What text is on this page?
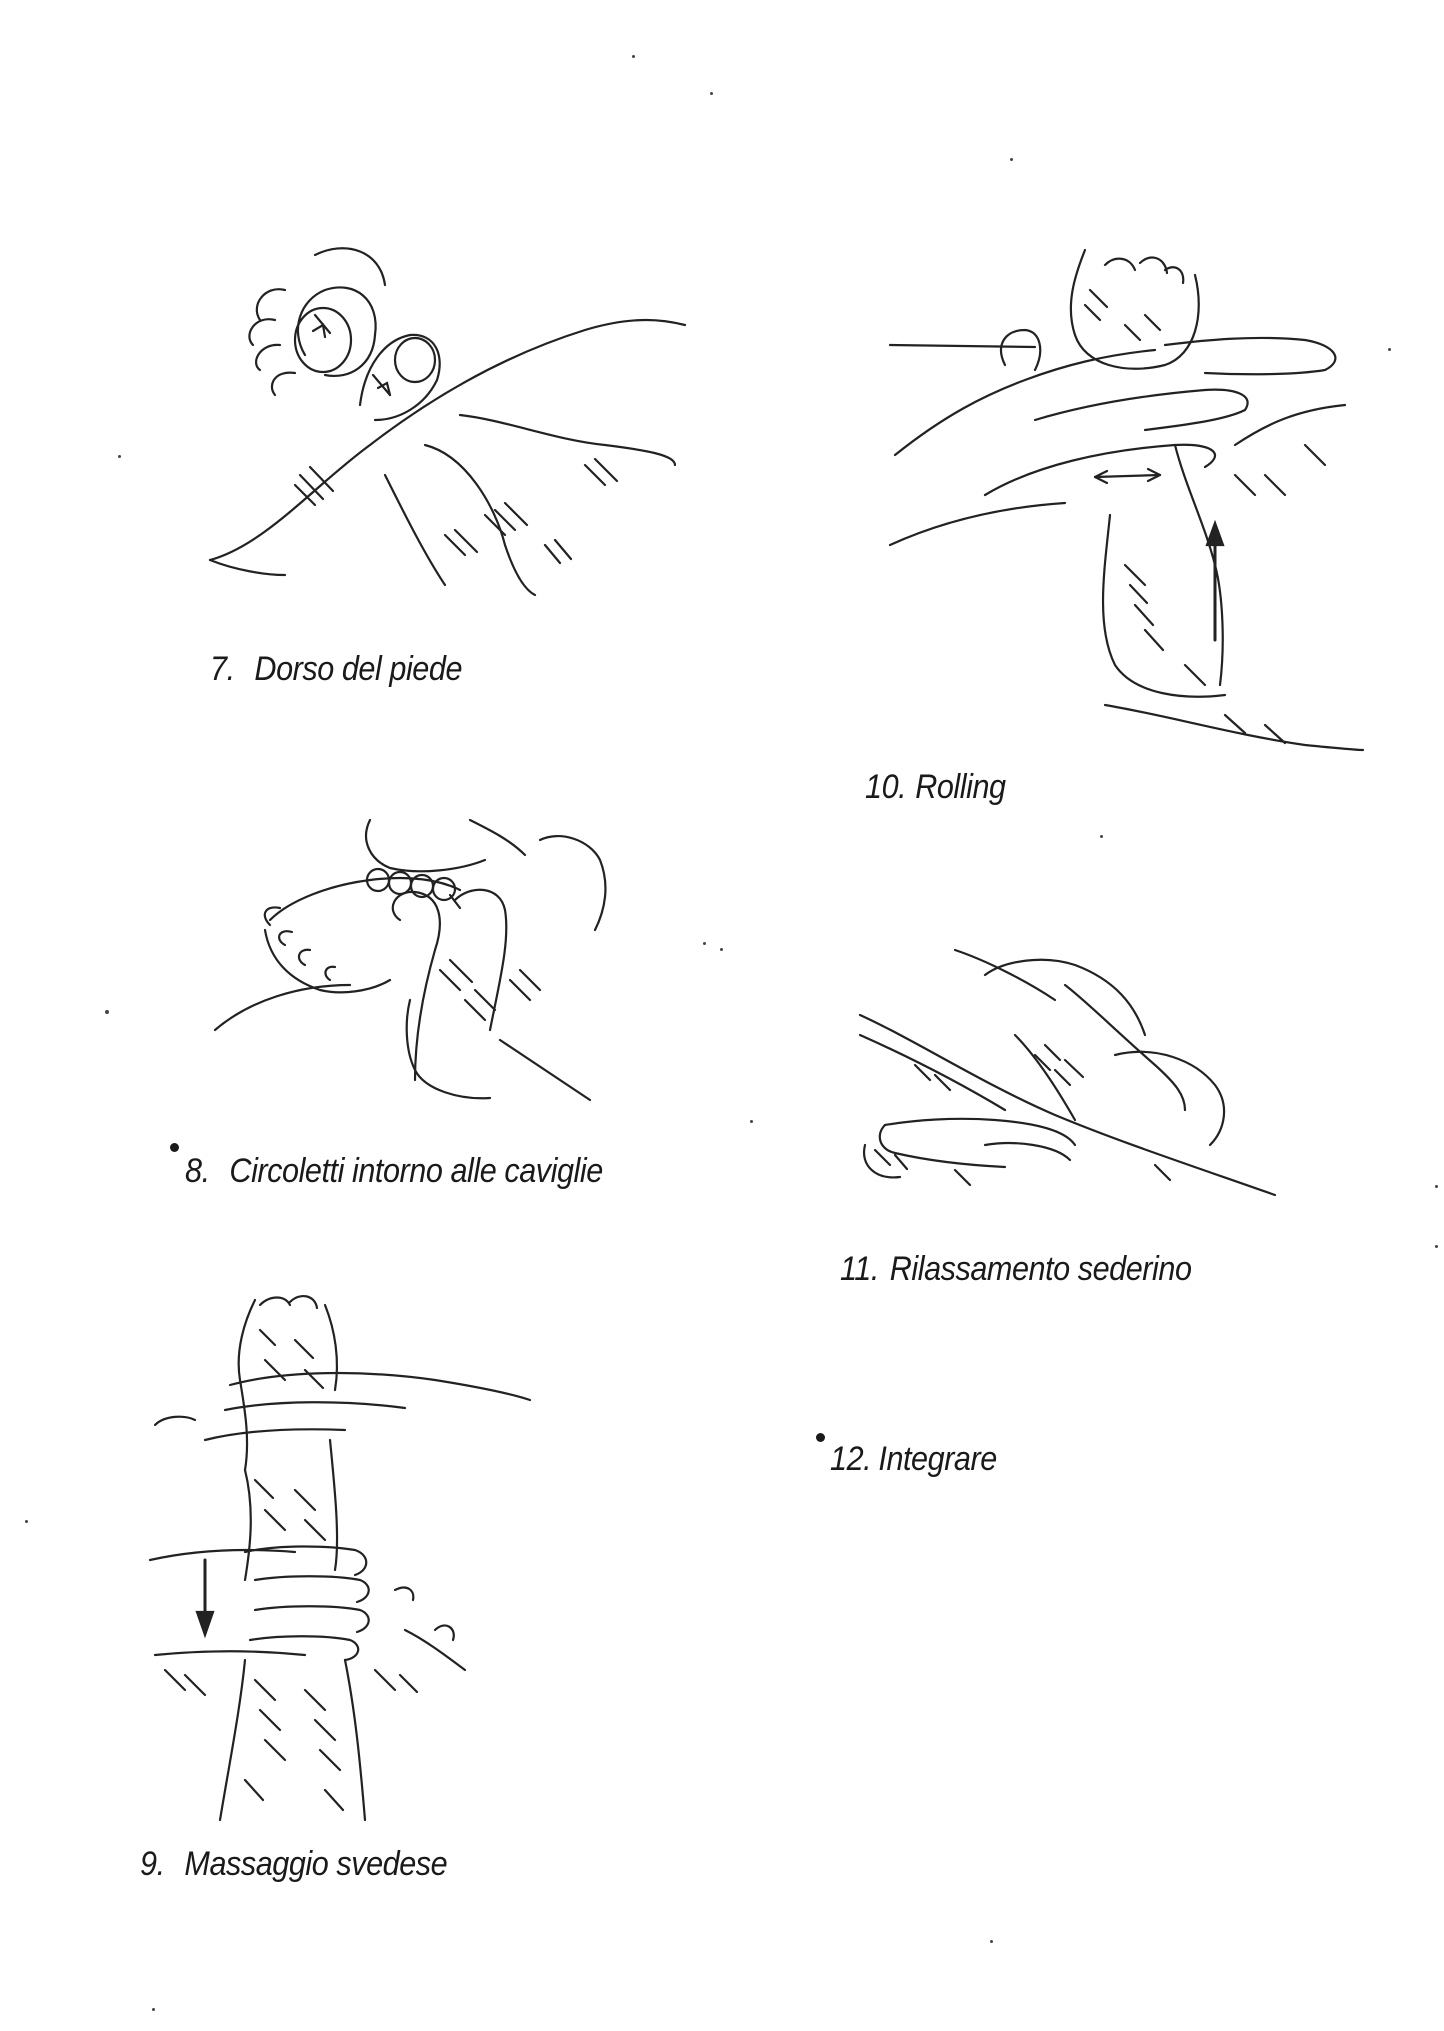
7. Dorso del piede
10. Rolling
8. Circoletti intorno alle caviglie
11. Rilassamento sederino
12. Integrare
9. Massaggio svedese
